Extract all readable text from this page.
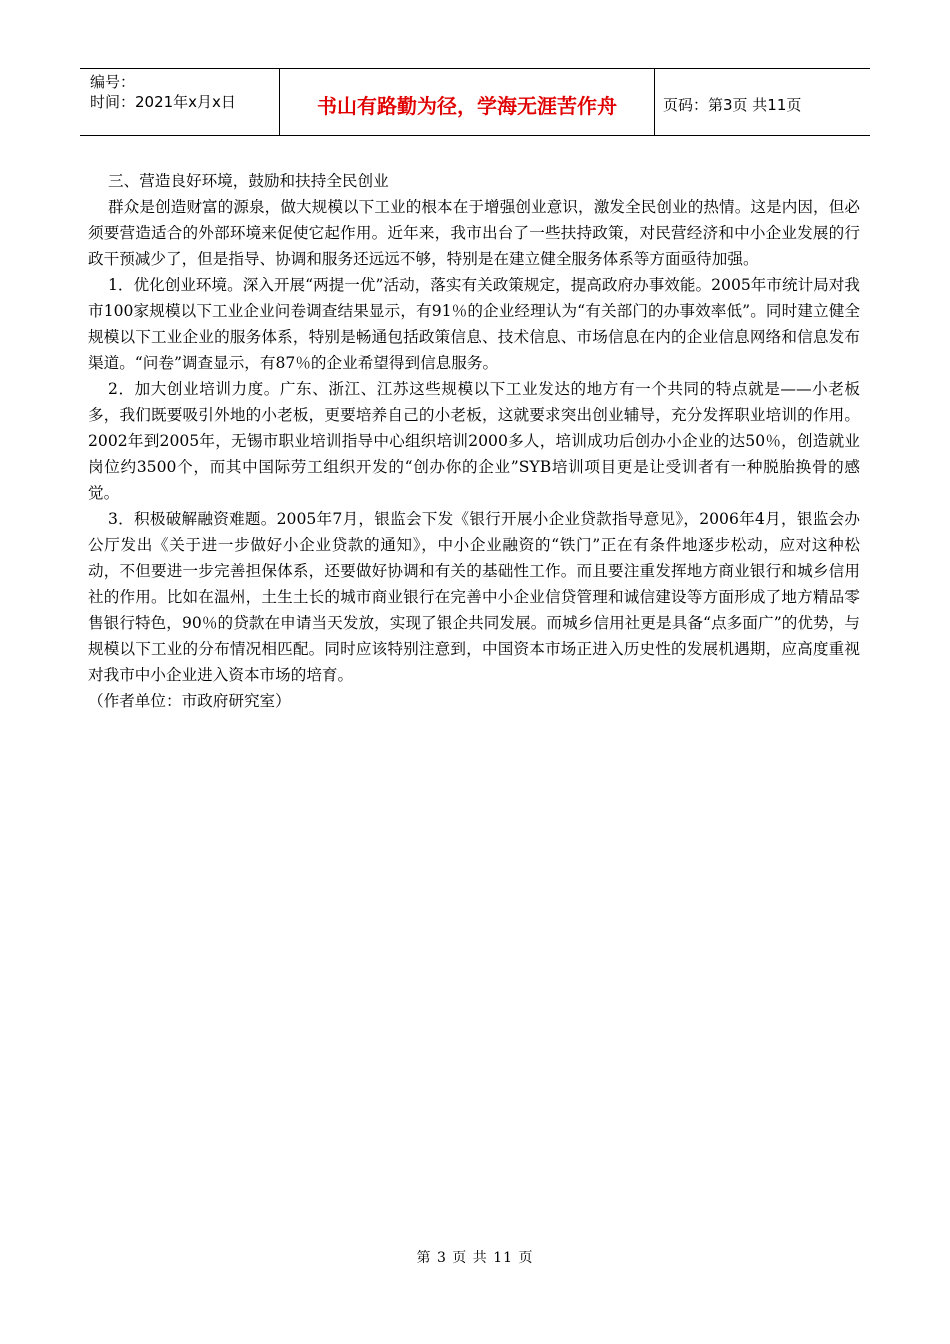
编号：
时间：2021年x月x日	书山有路勤为径，学海无涯苦作舟	页码：第3页 共11页

三、营造良好环境，鼓励和扶持全民创业

群众是创造财富的源泉，做大规模以下工业的根本在于增强创业意识，激发全民创业的热情。这是内因，但必须要营造适合的外部环境来促使它起作用。近年来，我市出台了一些扶持政策，对民营经济和中小企业发展的行政干预减少了，但是指导、协调和服务还远远不够，特别是在建立健全服务体系等方面亟待加强。

1．优化创业环境。深入开展“两提一优”活动，落实有关政策规定，提高政府办事效能。2005年市统计局对我市100家规模以下工业企业问卷调查结果显示，有91％的企业经理认为“有关部门的办事效率低”。同时建立健全规模以下工业企业的服务体系，特别是畅通包括政策信息、技术信息、市场信息在内的企业信息网络和信息发布渠道。“问卷”调查显示，有87％的企业希望得到信息服务。

2．加大创业培训力度。广东、浙江、江苏这些规模以下工业发达的地方有一个共同的特点就是——小老板多，我们既要吸引外地的小老板，更要培养自己的小老板，这就要求突出创业辅导，充分发挥职业培训的作用。2002年到2005年，无锡市职业培训指导中心组织培训2000多人，培训成功后创办小企业的达50％，创造就业岗位约3500个，而其中国际劳工组织开发的“创办你的企业”SYB培训项目更是让受训者有一种脱胎换骨的感觉。

3．积极破解融资难题。2005年7月，银监会下发《银行开展小企业贷款指导意见》，2006年4月，银监会办公厅发出《关于进一步做好小企业贷款的通知》，中小企业融资的“铁门”正在有条件地逐步松动，应对这种松动，不但要进一步完善担保体系，还要做好协调和有关的基础性工作。而且要注重发挥地方商业银行和城乡信用社的作用。比如在温州，土生土长的城市商业银行在完善中小企业信贷管理和诚信建设等方面形成了地方精品零售银行特色，90％的贷款在申请当天发放，实现了银企共同发展。而城乡信用社更是具备“点多面广”的优势，与规模以下工业的分布情况相匹配。同时应该特别注意到，中国资本市场正进入历史性的发展机遇期，应高度重视对我市中小企业进入资本市场的培育。

（作者单位：市政府研究室）

第 3 页 共 11 页
